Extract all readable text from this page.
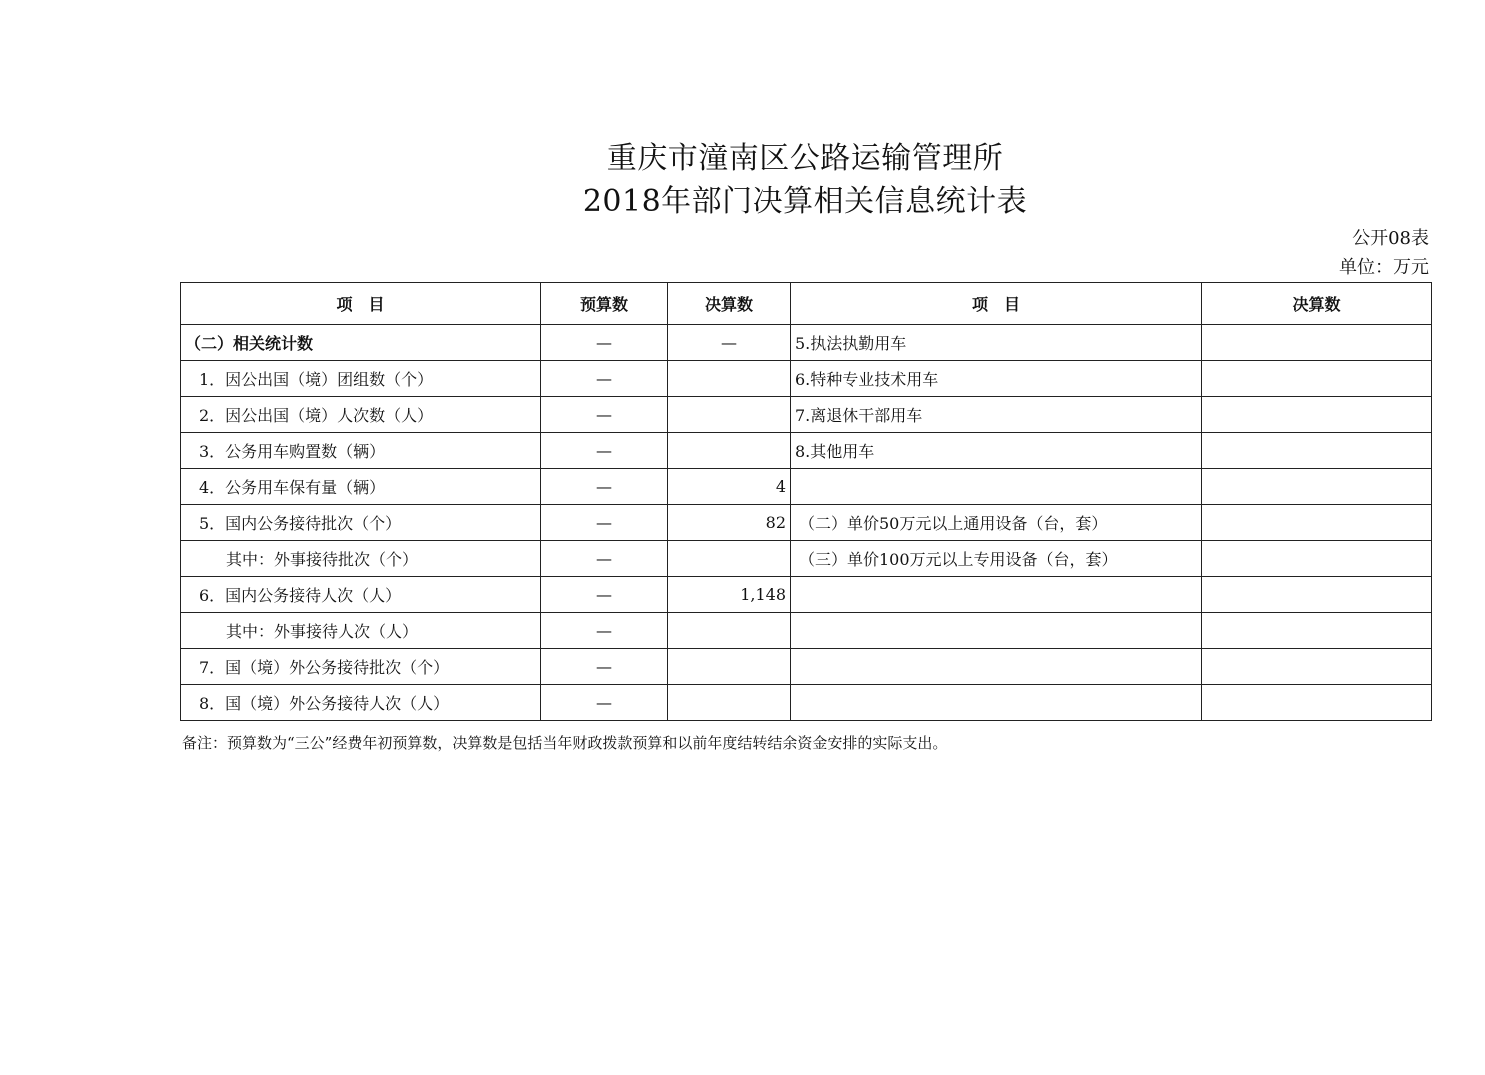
重庆市潼南区公路运输管理所
2018年部门决算相关信息统计表
公开08表
单位：万元
项　目	预算数	决算数	项　目	决算数
（二）相关统计数	—	—	5.执法执勤用车	
1．因公出国（境）团组数（个）	—		6.特种专业技术用车	
2．因公出国（境）人次数（人）	—		7.离退休干部用车	
3．公务用车购置数（辆）	—		8.其他用车	
4．公务用车保有量（辆）	—	4		
5．国内公务接待批次（个）	—	82	（二）单价50万元以上通用设备（台，套）	
其中：外事接待批次（个）	—		（三）单价100万元以上专用设备（台，套）	
6．国内公务接待人次（人）	—	1,148		
其中：外事接待人次（人）	—			
7．国（境）外公务接待批次（个）	—			
8．国（境）外公务接待人次（人）	—			
备注：预算数为“三公”经费年初预算数，决算数是包括当年财政拨款预算和以前年度结转结余资金安排的实际支出。
